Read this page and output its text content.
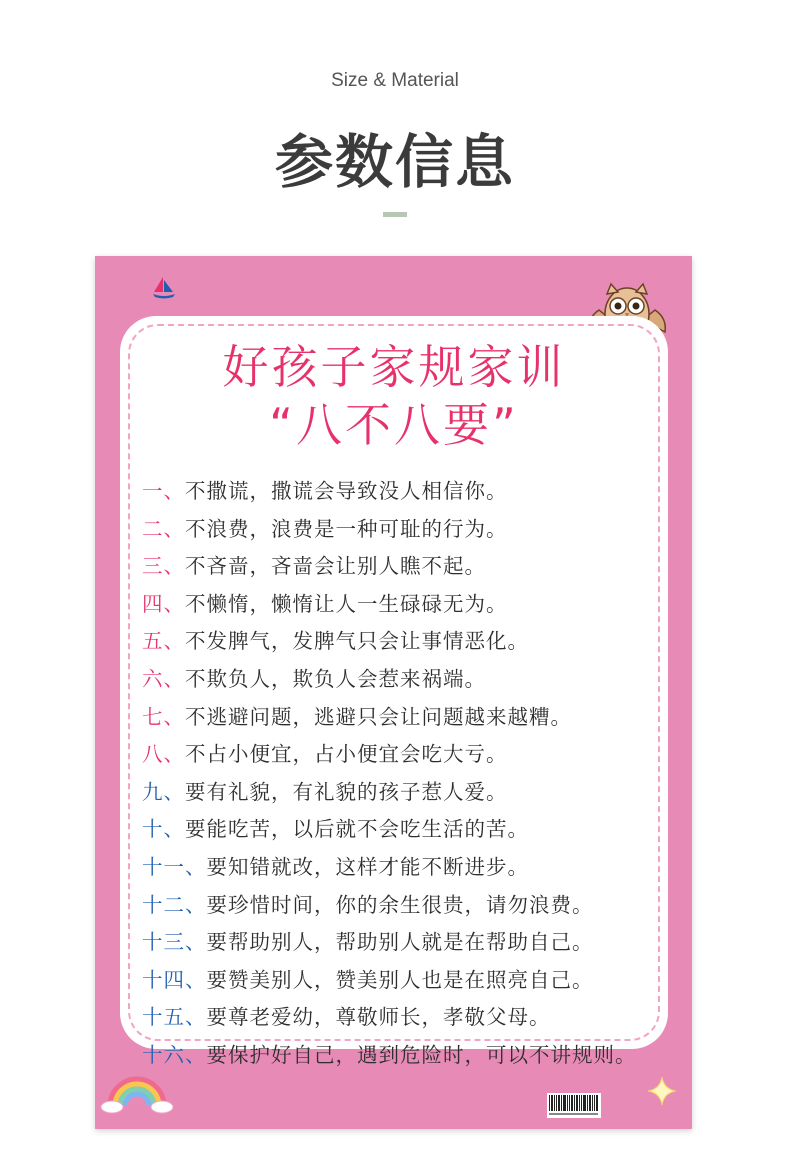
Size & Material
参数信息
好孩子家规家训
“八不八要”
一、不撒谎，撒谎会导致没人相信你。
二、不浪费，浪费是一种可耻的行为。
三、不吝啬，吝啬会让别人瞧不起。
四、不懒惰，懒惰让人一生碌碌无为。
五、不发脾气，发脾气只会让事情恶化。
六、不欺负人，欺负人会惹来祸端。
七、不逃避问题，逃避只会让问题越来越糟。
八、不占小便宜，占小便宜会吃大亏。
九、要有礼貌，有礼貌的孩子惹人爱。
十、要能吃苦，以后就不会吃生活的苦。
十一、要知错就改，这样才能不断进步。
十二、要珍惜时间，你的余生很贵，请勿浪费。
十三、要帮助别人，帮助别人就是在帮助自己。
十四、要赞美别人，赞美别人也是在照亮自己。
十五、要尊老爱幼，尊敬师长，孝敬父母。
十六、要保护好自己，遇到危险时，可以不讲规则。
